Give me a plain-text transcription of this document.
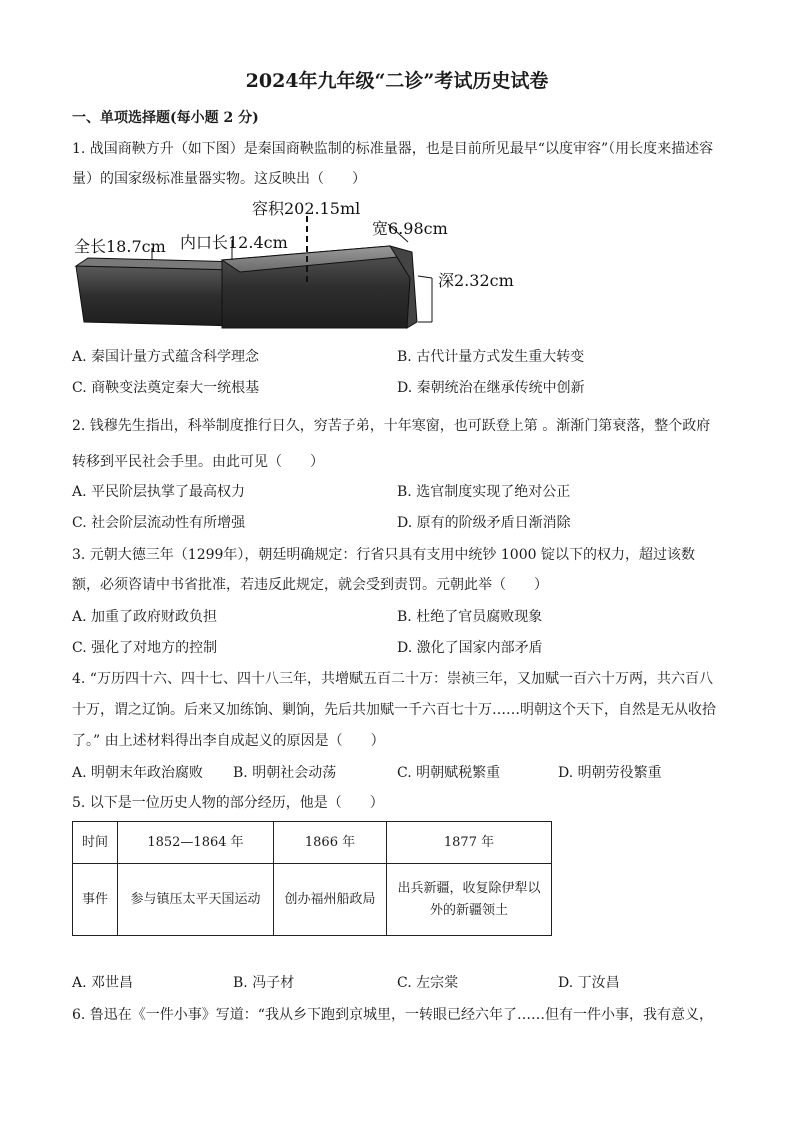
2024年九年级“二诊”考试历史试卷
一、单项选择题(每小题 2 分)
1. 战国商鞅方升（如下图）是秦国商鞅监制的标准量器，也是目前所见最早“以度审容”（用长度来描述容量）的国家级标准量器实物。这反映出（　　）
容积202.15ml
内口长12.4cm
宽6.98cm
全长18.7cm
深2.32cm
A. 秦国计量方式蕴含科学理念	B. 古代计量方式发生重大转变
C. 商鞅变法奠定秦大一统根基	D. 秦朝统治在继承传统中创新
2. 钱穆先生指出，科举制度推行日久，穷苦子弟，十年寒窗，也可跃登上第 。渐渐门第衰落，整个政府转移到平民社会手里。由此可见（　　）
A. 平民阶层执掌了最高权力	B. 选官制度实现了绝对公正
C. 社会阶层流动性有所增强	D. 原有的阶级矛盾日渐消除
3. 元朝大德三年（1299年），朝廷明确规定：行省只具有支用中统钞 1000 锭以下的权力，超过该数额，必须咨请中书省批准，若违反此规定，就会受到责罚。元朝此举（　　）
A. 加重了政府财政负担	B. 杜绝了官员腐败现象
C. 强化了对地方的控制	D. 激化了国家内部矛盾
4. “万历四十六、四十七、四十八三年，共增赋五百二十万：崇祯三年，又加赋一百六十万两，共六百八十万，谓之辽饷。后来又加练饷、剿饷，先后共加赋一千六百七十万……明朝这个天下，自然是无从收拾了。” 由上述材料得出李自成起义的原因是（　　）
A. 明朝末年政治腐败 B. 明朝社会动荡	C. 明朝赋税繁重	D. 明朝劳役繁重
5. 以下是一位历史人物的部分经历，他是（　　）
时间	1852—1864 年	1866 年	1877 年
事件	参与镇压太平天国运动	创办福州船政局	出兵新疆，收复除伊犁以外的新疆领土
A. 邓世昌	B. 冯子材	C. 左宗棠	D. 丁汝昌
6. 鲁迅在《一件小事》写道：“我从乡下跑到京城里，一转眼已经六年了……但有一件小事，我有意义，
